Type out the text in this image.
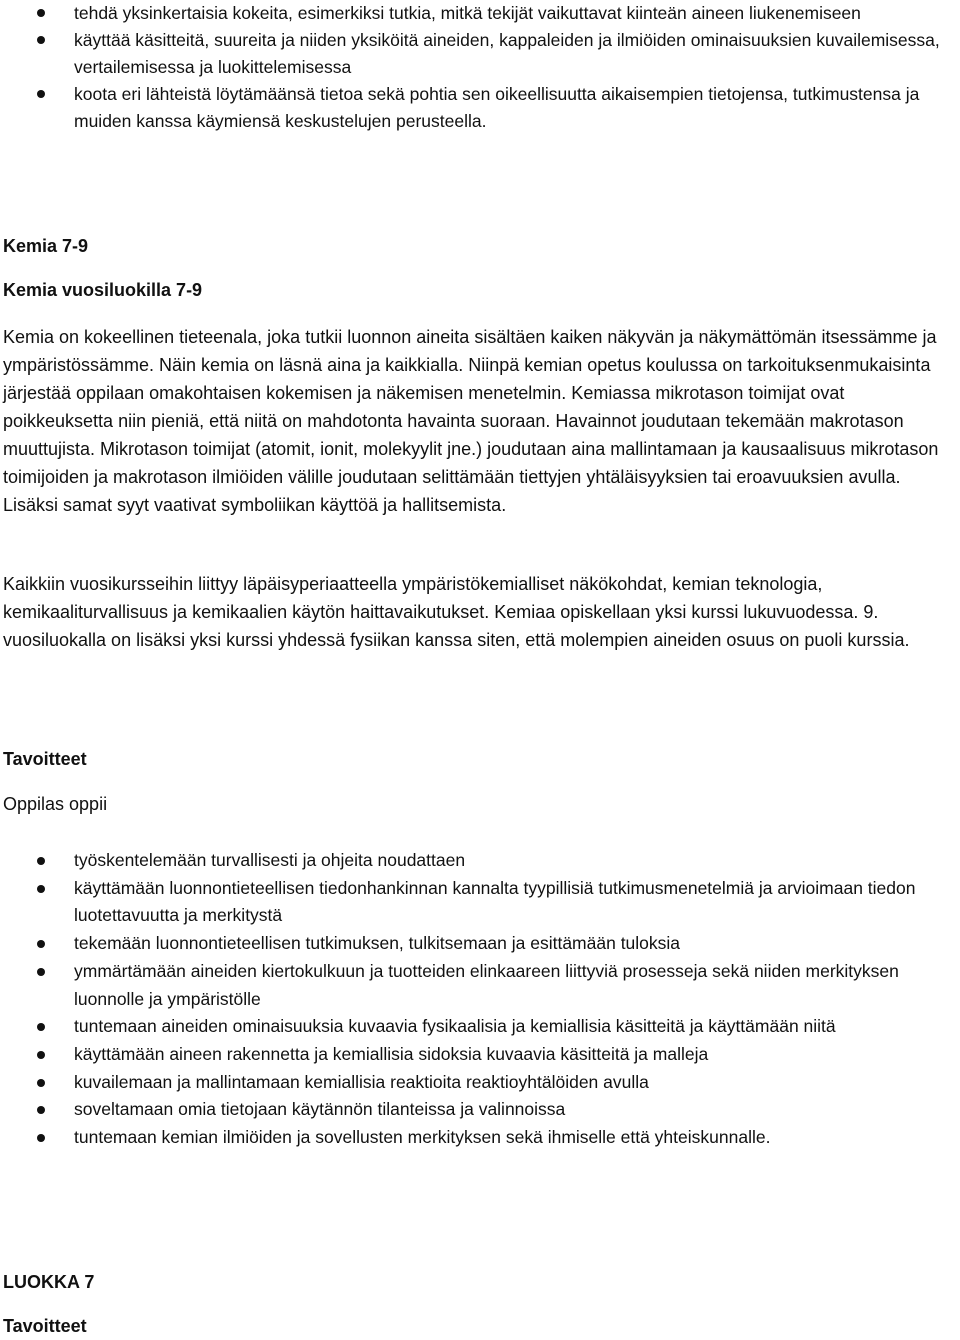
tehdä yksinkertaisia kokeita, esimerkiksi tutkia, mitkä tekijät vaikuttavat kiinteän aineen liukenemiseen
käyttää käsitteitä, suureita ja niiden yksiköitä aineiden, kappaleiden ja ilmiöiden ominaisuuksien kuvailemisessa, vertailemisessa ja luokittelemisessa
koota eri lähteistä löytämäänsä tietoa sekä pohtia sen oikeellisuutta aikaisempien tietojensa, tutkimustensa ja muiden kanssa käymiensä keskustelujen perusteella.
Kemia 7-9
Kemia vuosiluokilla 7-9

Kemia on kokeellinen tieteenala, joka tutkii luonnon aineita sisältäen kaiken näkyvän ja näkymättömän itsessämme ja ympäristössämme. Näin kemia on läsnä aina ja kaikkialla. Niinpä kemian opetus koulussa on tarkoituksenmukaisinta järjestää oppilaan omakohtaisen kokemisen ja näkemisen menetelmin. Kemiassa mikrotason toimijat ovat poikkeuksetta niin pieniä, että niitä on mahdotonta havainta suoraan. Havainnot joudutaan tekemään makrotason muuttujista. Mikrotason toimijat (atomit, ionit, molekyylit jne.) joudutaan aina mallintamaan ja kausaalisuus mikrotason toimijoiden ja makrotason ilmiöiden välille joudutaan selittämään tiettyjen yhtäläisyyksien tai eroavuuksien avulla. Lisäksi samat syyt vaativat symboliikan käyttöä ja hallitsemista.

Kaikkiin vuosikursseihin liittyy läpäisyperiaatteella ympäristökemialliset näkökohdat, kemian teknologia, kemikaaliturvallisuus ja kemikaalien käytön haittavaikutukset. Kemiaa opiskellaan yksi kurssi lukuvuodessa. 9. vuosiluokalla on lisäksi yksi kurssi yhdessä fysiikan kanssa siten, että molempien aineiden osuus on puoli kurssia.

Tavoitteet

Oppilas oppii

työskentelemään turvallisesti ja ohjeita noudattaen
käyttämään luonnontieteellisen tiedonhankinnan kannalta tyypillisiä tutkimusmenetelmiä ja arvioimaan tiedon luotettavuutta ja merkitystä
tekemään luonnontieteellisen tutkimuksen, tulkitsemaan ja esittämään tuloksia
ymmärtämään aineiden kiertokulkuun ja tuotteiden elinkaareen liittyviä prosesseja sekä niiden merkityksen luonnolle ja ympäristölle
tuntemaan aineiden ominaisuuksia kuvaavia fysikaalisia ja kemiallisia käsitteitä ja käyttämään niitä
käyttämään aineen rakennetta ja kemiallisia sidoksia kuvaavia käsitteitä ja malleja
kuvailemaan ja mallintamaan kemiallisia reaktioita reaktioyhtälöiden avulla
soveltamaan omia tietojaan käytännön tilanteissa ja valinnoissa
tuntemaan kemian ilmiöiden ja sovellusten merkityksen sekä ihmiselle että yhteiskunnalle.
LUOKKA 7
Tavoitteet
